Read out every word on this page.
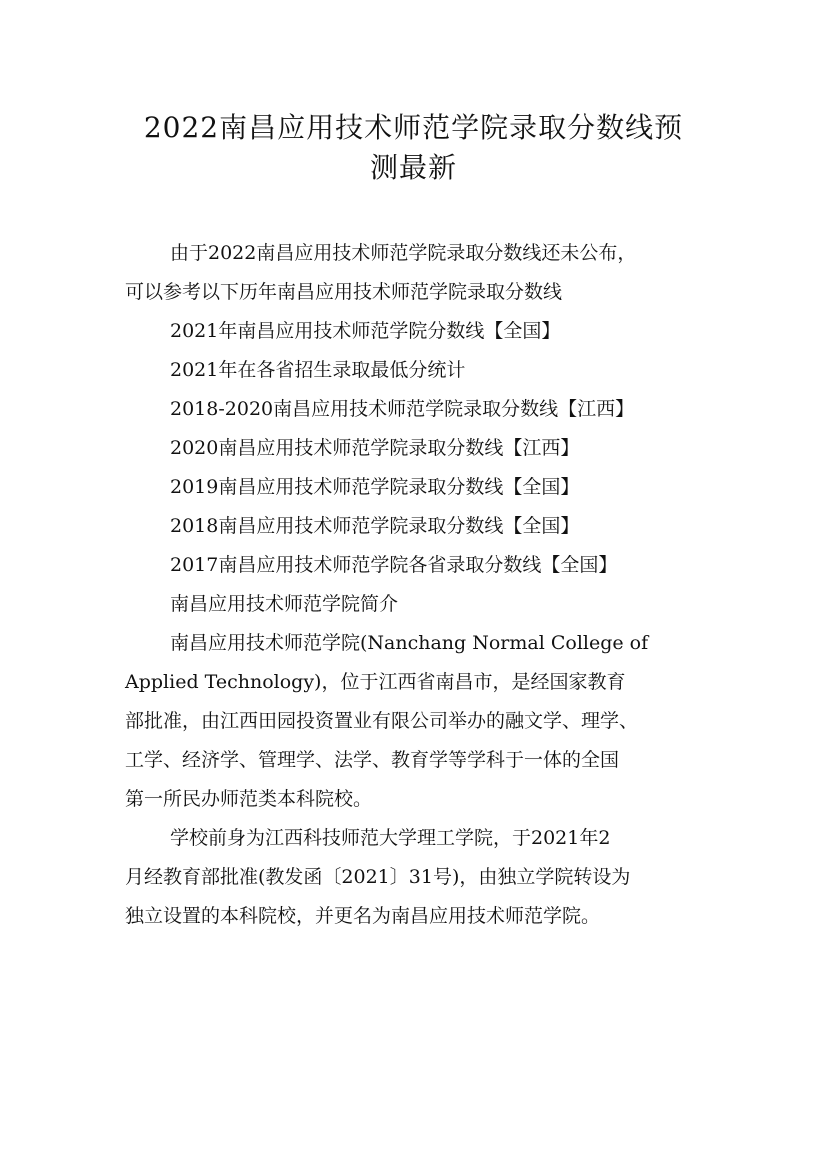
2022南昌应用技术师范学院录取分数线预
测最新
由于2022南昌应用技术师范学院录取分数线还未公布，
可以参考以下历年南昌应用技术师范学院录取分数线
2021年南昌应用技术师范学院分数线【全国】
2021年在各省招生录取最低分统计
2018-2020南昌应用技术师范学院录取分数线【江西】
2020南昌应用技术师范学院录取分数线【江西】
2019南昌应用技术师范学院录取分数线【全国】
2018南昌应用技术师范学院录取分数线【全国】
2017南昌应用技术师范学院各省录取分数线【全国】
南昌应用技术师范学院简介
南昌应用技术师范学院(Nanchang Normal College of
Applied Technology)，位于江西省南昌市，是经国家教育
部批准，由江西田园投资置业有限公司举办的融文学、理学、
工学、经济学、管理学、法学、教育学等学科于一体的全国
第一所民办师范类本科院校。
学校前身为江西科技师范大学理工学院，于2021年2
月经教育部批准(教发函〔2021〕31号)，由独立学院转设为
独立设置的本科院校，并更名为南昌应用技术师范学院。
